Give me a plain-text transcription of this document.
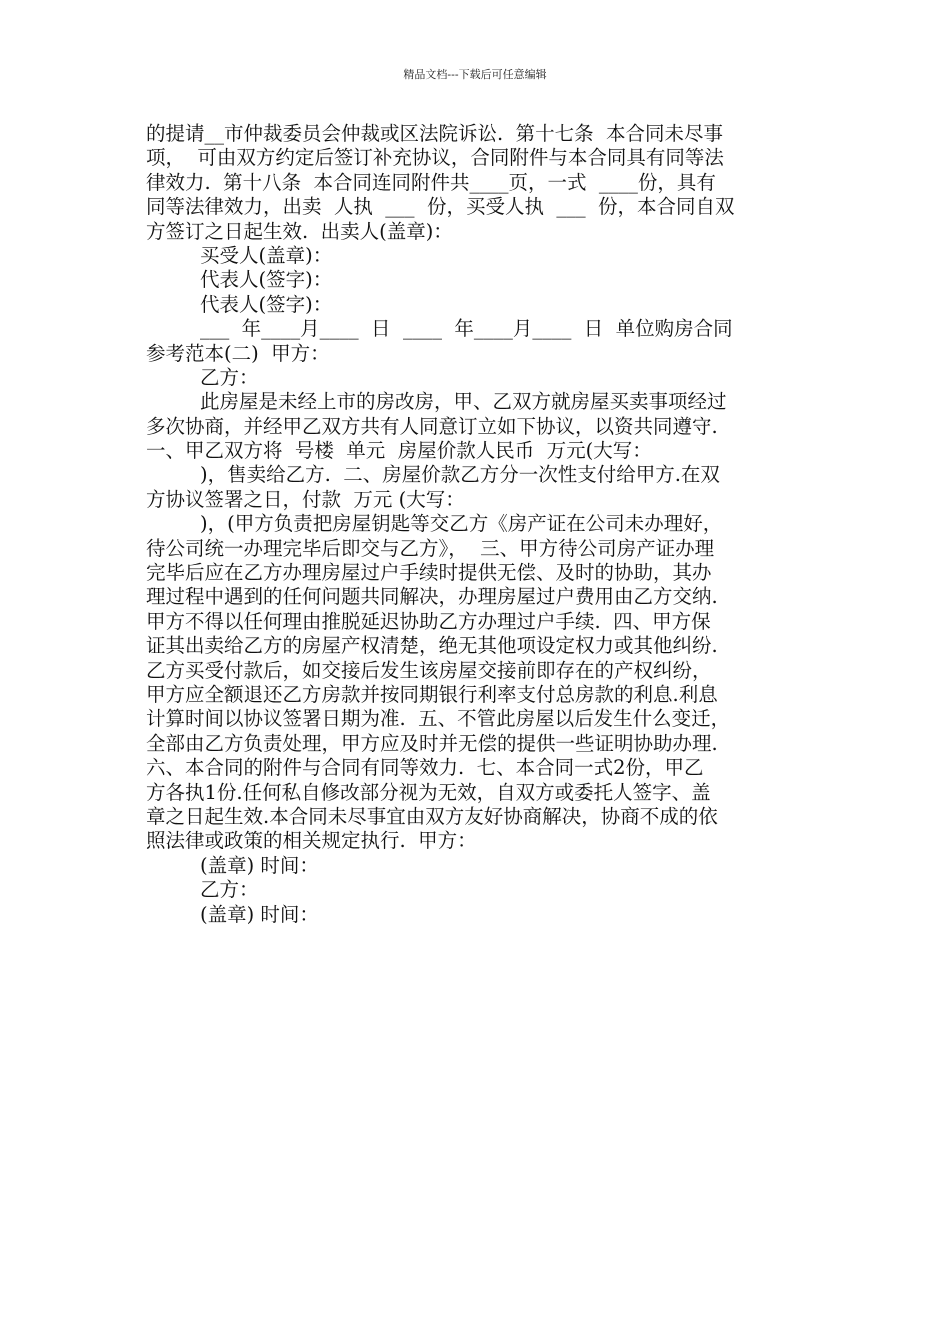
精品文档---下载后可任意编辑
的提请__市仲裁委员会仲裁或区法院诉讼.  第十七条  本合同未尽事
项，  可由双方约定后签订补充协议，合同附件与本合同具有同等法
律效力.  第十八条  本合同连同附件共____页，一式  ____份，具有
同等法律效力，出卖  人执  ___  份，买受人执  ___  份，本合同自双
方签订之日起生效.  出卖人(盖章)：
买受人(盖章)：
代表人(签字)：
代表人(签字)：
___  年____月____  日  ____  年____月____  日  单位购房合同
参考范本(二)  甲方：
乙方：
此房屋是未经上市的房改房，甲、乙双方就房屋买卖事项经过
多次协商，并经甲乙双方共有人同意订立如下协议，以资共同遵守.
一、甲乙双方将  号楼  单元  房屋价款人民币  万元(大写：
)，售卖给乙方.  二、房屋价款乙方分一次性支付给甲方.在双
方协议签署之日，付款  万元 (大写：
)，(甲方负责把房屋钥匙等交乙方《房产证在公司未办理好，
待公司统一办理完毕后即交与乙方》，  三、甲方待公司房产证办理
完毕后应在乙方办理房屋过户手续时提供无偿、及时的协助，其办
理过程中遇到的任何问题共同解决，办理房屋过户费用由乙方交纳.
甲方不得以任何理由推脱延迟协助乙方办理过户手续.  四、甲方保
证其出卖给乙方的房屋产权清楚，绝无其他项设定权力或其他纠纷.
乙方买受付款后，如交接后发生该房屋交接前即存在的产权纠纷，
甲方应全额退还乙方房款并按同期银行利率支付总房款的利息.利息
计算时间以协议签署日期为准.  五、不管此房屋以后发生什么变迁，
全部由乙方负责处理，甲方应及时并无偿的提供一些证明协助办理.
六、本合同的附件与合同有同等效力.  七、本合同一式2份，甲乙
方各执1份.任何私自修改部分视为无效，自双方或委托人签字、盖
章之日起生效.本合同未尽事宜由双方友好协商解决，协商不成的依
照法律或政策的相关规定执行.  甲方：
(盖章) 时间：
乙方：
(盖章) 时间：
